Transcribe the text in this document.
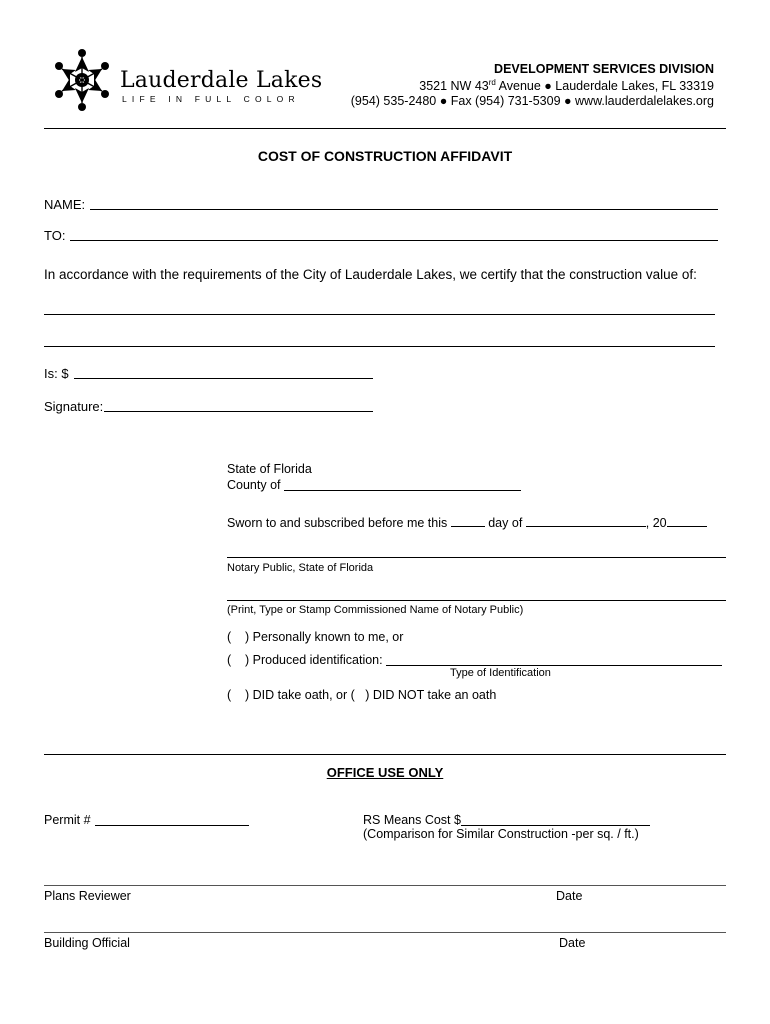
Lauderdale Lakes
LIFE IN FULL COLOR
DEVELOPMENT SERVICES DIVISION
3521 NW 43rd Avenue ● Lauderdale Lakes, FL 33319
(954) 535-2480 ● Fax (954) 731-5309 ● www.lauderdalelakes.org
COST OF CONSTRUCTION AFFIDAVIT
NAME:
TO:
In accordance with the requirements of the City of Lauderdale Lakes, we certify that the construction value of:
Is: $
Signature:
State of Florida
County of
Sworn to and subscribed before me this	day of	, 20
Notary Public, State of Florida
(Print, Type or Stamp Commissioned Name of Notary Public)
( ) Personally known to me, or
( ) Produced identification:
Type of Identification
( ) DID take oath, or ( ) DID NOT take an oath
OFFICE USE ONLY
Permit #	RS Means Cost $
(Comparison for Similar Construction -per sq. / ft.)
Plans Reviewer	Date
Building Official	Date
